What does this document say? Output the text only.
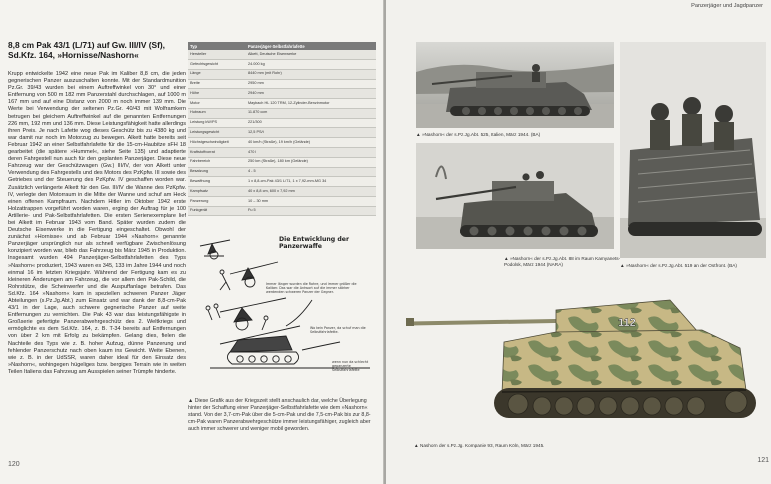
8,8 cm Pak 43/1 (L/71) auf Gw. III/IV (Sf), Sd.Kfz. 164, »Hornisse/Nashorn«
Krupp entwickelte 1942 eine neue Pak im Kaliber 8,8 cm, die jeden gegnerischen Panzer auszuschalten konnte. Mit der Standardmunition Pz.Gr. 39/43 wurden bei einem Auftreffwinkel von 30° und einer Entfernung von 500 m 182 mm Panzerstahl durchschlagen, auf 1000 m 167 mm und auf eine Distanz von 2000 m noch immer 139 mm. Die Werte bei Verwendung der seltenen Pz.Gr. 40/43 mit Wolframkern betrugen bei gleichem Auftreffwinkel auf die genannten Entfernungen 226 mm, 192 mm und 136 mm. Diese Leistungsfähigkeit hatte allerdings ihren Preis. Je nach Lafette wog dieses Geschütz bis zu 4380 kg und war damit nur noch im Motorzug zu bewegen. Alkett hatte bereits seit Februar 1942 an einer Selbstfahrlafette für die 15-cm-Haubitze sFH 18 gearbeitet (die spätere »Hummel«, siehe Seite 135) und adaptierte deren Fahrgestell nun auch für den geplanten Panzerjäger. Diese neue Fahrzeug war der Geschützwagen (Gw.) III/IV, der von Alkett unter Verwendung des Fahrgestells und des Motors des PzKpfw. III sowie des Getriebes und der Steuerung des PzKpfw. IV geschaffen worden war. Zusätzlich verlängerte Alkett für den Gw. III/IV die Wanne des PzKpfw. IV, verlegte den Motorraum in die Mitte der Wanne und schuf am Heck einen offenen Kampfraum. Nachdem Hitler im Oktober 1942 erste Holzattrappen vorgeführt worden waren, erging der Auftrag für je 100 Artillerie- und Pak-Selbstfahrlafetten. Die ersten Serienexemplare lief bei Alkett im Februar 1943 vom Band. Später wurden zudem die Deutsche Eisenwerke in die Fertigung eingeschaltet. Obwohl der zunächst »Hornisse« und ab Februar 1944 »Nashorn« genannte Panzerjäger ursprünglich nur als schnell verfügbare Zwischenlösung konzipiert worden war, blieb das Fahrzeug bis März 1945 in Produktion. Insgesamt wurden 494 Panzerjäger-Selbstfahrlafetten des Typs »Nashorn« produziert, 1943 waren es 345, 133 im Jahre 1944 und noch einmal 16 im letzten Kriegsjahr. Während der Fertigung kam es zu kleineren Änderungen am Fahrzeug, die vor allem den Pak-Schild, die Rohrstütze, die Scheinwerfer und die Auspuffanlage betrafen. Das Sd.Kfz. 164 »Nashorn« kam in speziellen schweren Panzer Jäger Abteilungen (s.Pz.Jg.Abt.) zum Einsatz und war dank der 8,8-cm-Pak 43/1 in der Lage, auch schwere gegnerische Panzer auf weite Entfernungen zu vernichten. Die Pak 43 war das leistungsfähigste in Großserie gefertigte Panzerabwehrgeschütz des 2. Weltkriegs und ermöglichte es dem Sd.Kfz. 164, z. B. T-34 bereits auf Entfernungen von über 2 km mit Erfolg zu bekämpfen. Gelang dies, fielen die Nachteile des Typs wie z. B. hoher Aufzug, dünne Panzerung und fehlender Panzerschutz nach oben kaum ins Gewicht. Weite Ebenen, wie z. B. in der UdSSR, waren daher ideal für den Einsatz des »Nashorn«, wohingegen hügeliges bzw. bergiges Terrain wie in weiten Teilen Italiens das Fahrzeug am Ausspielen seiner Trümpfe hinderte.
120
Typ	Panzerjäger-Selbstfahrlafette
Hersteller	Alkett, Deutsche Eisenwerke
Gefechtsgewicht	24.000 kg
Länge	8440 mm (mit Rohr)
Breite	2950 mm
Höhe	2940 mm
Motor	Maybach HL 120 TRM, 12-Zylinder-Benzinmotor
Hubraum	11.870 ccm
Leistung kW/PS	221/300
Leistungsgewicht	12,5 PS/t
Höchstgeschwindigkeit	40 km/h (Straße), 19 km/h (Gelände)
Kraftstoffvorrat	470 l
Fahrbereich	250 km (Straße), 180 km (Gelände)
Besatzung	4 - 5
Bewaffnung	1 x 8,8-cm-Pak 43/1 L/71, 1 x 7,92-mm-MG 34
Kampfsatz	40 x 8,8 cm, 600 x 7,92 mm
Panzerung	10 – 30 mm
Funkgerät	Fu 5
Die Entwicklung der Panzerwaffe
Immer länger wurden die Rohre, und immer größer die Kaliber. Das war die Antwort auf die immer stärker werdenden schweren Panzer der Gegner.
Wo kein Panzer, da schuf man die Selbstfahrlafette.
wenn nun da schlecht gepanzerte Selbstfahrlafette
▲ Diese Grafik aus der Kriegszeit stellt anschaulich dar, welche Überlegung hinter der Schaffung einer Panzerjäger-Selbstfahrlafette wie dem »Nashorn« stand. Von der 3,7-cm-Pak über die 5-cm-Pak und die 7,5-cm-Pak bis zur 8,8-cm-Pak waren Panzerabwehrgeschütze immer leistungsfähiger, zugleich aber auch immer schwerer und weniger mobil geworden.
Panzerjäger und Jagdpanzer
▲ »Nashorn« der s.Pz.Jg.Abt. 525, Italien, März 1944. (BA)
▲ »Nashorn« der s.Pz.Jg.Abt. 88 im Raum Kamyanets-Podolsk, März 1944 (NARA)	▲ »Nashorn« der s.Pz.Jg.Abt. 519 an der Ostfront. (BA)
112
▲ Nashorn der s.Pz.Jg. Kompanie 93, Raum Köln, März 1945.
121
